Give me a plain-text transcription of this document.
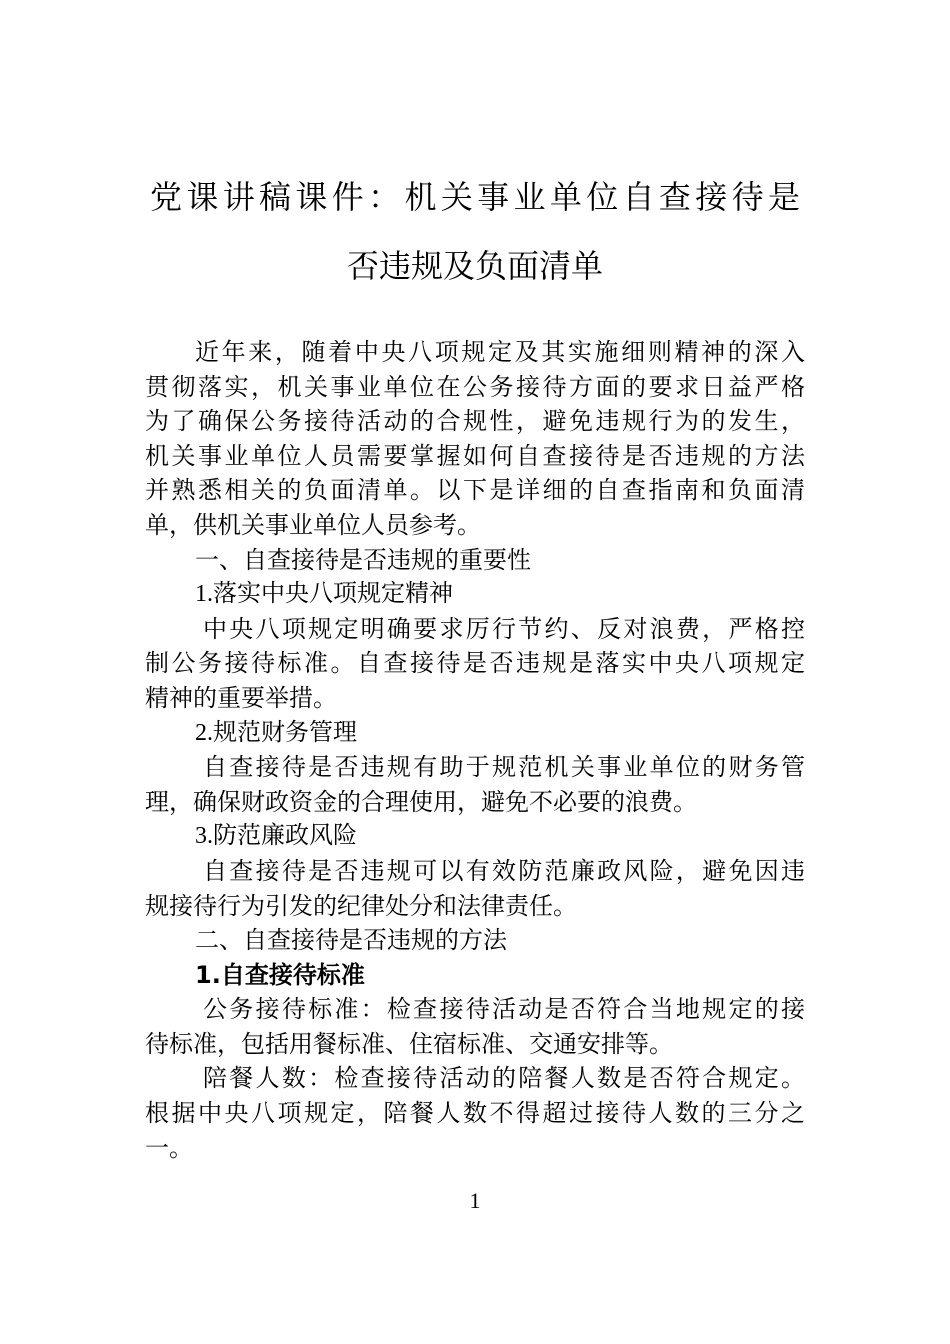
党课讲稿课件：机关事业单位自查接待是
否违规及负面清单
近年来，随着中央八项规定及其实施细则精神的深入
贯彻落实，机关事业单位在公务接待方面的要求日益严格
为了确保公务接待活动的合规性，避免违规行为的发生，
机关事业单位人员需要掌握如何自查接待是否违规的方法
并熟悉相关的负面清单。以下是详细的自查指南和负面清
单，供机关事业单位人员参考。
一、自查接待是否违规的重要性
1.落实中央八项规定精神
中央八项规定明确要求厉行节约、反对浪费，严格控
制公务接待标准。自查接待是否违规是落实中央八项规定
精神的重要举措。
2.规范财务管理
自查接待是否违规有助于规范机关事业单位的财务管
理，确保财政资金的合理使用，避免不必要的浪费。
3.防范廉政风险
自查接待是否违规可以有效防范廉政风险，避免因违
规接待行为引发的纪律处分和法律责任。
二、自查接待是否违规的方法
1.自查接待标准
公务接待标准：检查接待活动是否符合当地规定的接
待标准，包括用餐标准、住宿标准、交通安排等。
陪餐人数：检查接待活动的陪餐人数是否符合规定。
根据中央八项规定，陪餐人数不得超过接待人数的三分之
一。
1
